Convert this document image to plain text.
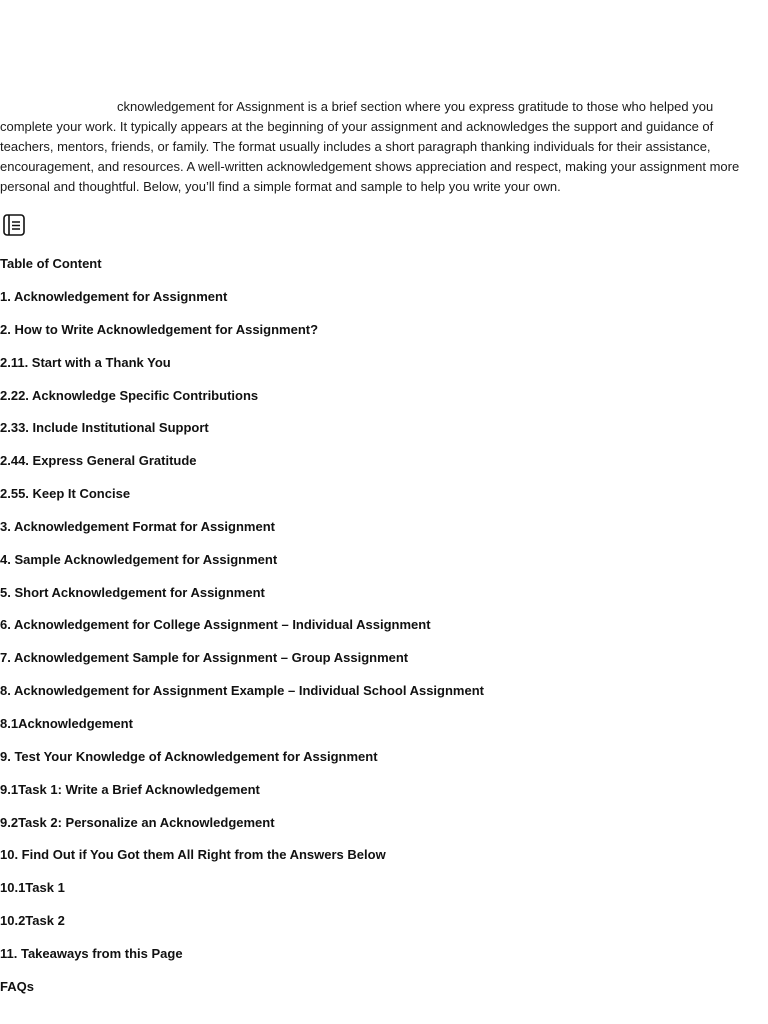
cknowledgement for Assignment is a brief section where you express gratitude to those who helped you complete your work. It typically appears at the beginning of your assignment and acknowledges the support and guidance of teachers, mentors, friends, or family. The format usually includes a short paragraph thanking individuals for their assistance, encouragement, and resources. A well-written acknowledgement shows appreciation and respect, making your assignment more personal and thoughtful. Below, you’ll find a simple format and sample to help you write your own.

Table of Content

1. Acknowledgement for Assignment
2. How to Write Acknowledgement for Assignment?
2.11. Start with a Thank You
2.22. Acknowledge Specific Contributions
2.33. Include Institutional Support
2.44. Express General Gratitude
2.55. Keep It Concise
3. Acknowledgement Format for Assignment
4. Sample Acknowledgement for Assignment
5. Short Acknowledgement for Assignment
6. Acknowledgement for College Assignment – Individual Assignment
7. Acknowledgement Sample for Assignment – Group Assignment
8. Acknowledgement for Assignment Example – Individual School Assignment
8.1Acknowledgement
9. Test Your Knowledge of Acknowledgement for Assignment
9.1Task 1: Write a Brief Acknowledgement
9.2Task 2: Personalize an Acknowledgement
10. Find Out if You Got them All Right from the Answers Below
10.1Task 1
10.2Task 2
11. Takeaways from this Page
FAQs
